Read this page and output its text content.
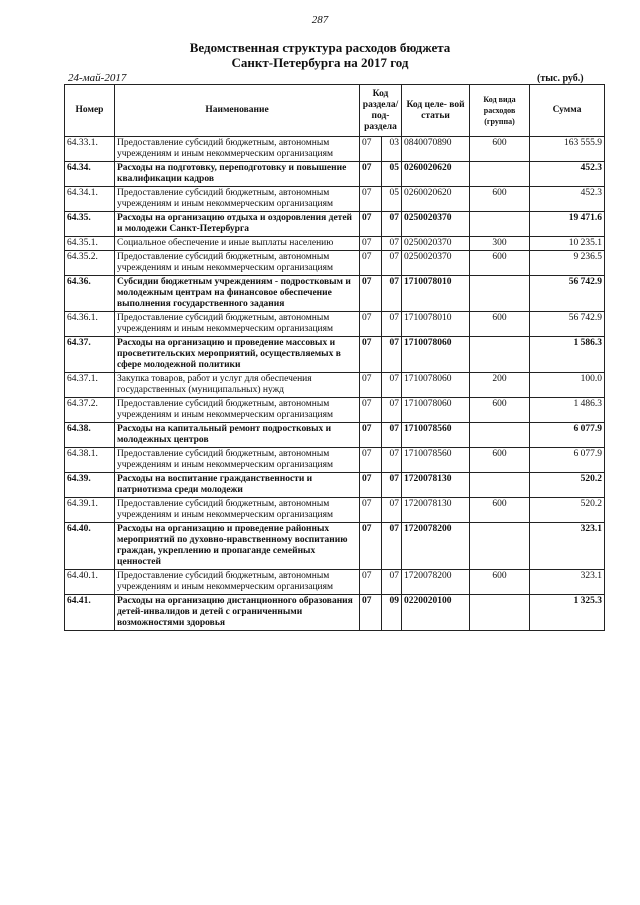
287
Ведомственная структура расходов бюджета
Санкт-Петербурга на 2017 год
24-май-2017	(тыс. руб.)
Номер	Наименование	Код раздела/ под- раздела		Код целе- вой статьи	Код вида расходов (группа)	Сумма
64.33.1.	Предоставление субсидий бюджетным, автономным учреждениям и иным некоммерческим организациям	07	03	0840070890	600	163 555.9
64.34.	Расходы на подготовку, переподготовку и повышение квалификации кадров	07	05	0260020620		452.3
64.34.1.	Предоставление субсидий бюджетным, автономным учреждениям и иным некоммерческим организациям	07	05	0260020620	600	452.3
64.35.	Расходы на организацию отдыха и оздоровления детей и молодежи Санкт-Петербурга	07	07	0250020370		19 471.6
64.35.1.	Социальное обеспечение и иные выплаты населению	07	07	0250020370	300	10 235.1
64.35.2.	Предоставление субсидий бюджетным, автономным учреждениям и иным некоммерческим организациям	07	07	0250020370	600	9 236.5
64.36.	Субсидии бюджетным учреждениям - подростковым и молодежным центрам на финансовое обеспечение выполнения государственного задания	07	07	1710078010		56 742.9
64.36.1.	Предоставление субсидий бюджетным, автономным учреждениям и иным некоммерческим организациям	07	07	1710078010	600	56 742.9
64.37.	Расходы на организацию и проведение массовых и просветительских мероприятий, осуществляемых в сфере молодежной политики	07	07	1710078060		1 586.3
64.37.1.	Закупка товаров, работ и услуг для обеспечения государственных (муниципальных) нужд	07	07	1710078060	200	100.0
64.37.2.	Предоставление субсидий бюджетным, автономным учреждениям и иным некоммерческим организациям	07	07	1710078060	600	1 486.3
64.38.	Расходы на капитальный ремонт подростковых и молодежных центров	07	07	1710078560		6 077.9
64.38.1.	Предоставление субсидий бюджетным, автономным учреждениям и иным некоммерческим организациям	07	07	1710078560	600	6 077.9
64.39.	Расходы на воспитание гражданственности и патриотизма среди молодежи	07	07	1720078130		520.2
64.39.1.	Предоставление субсидий бюджетным, автономным учреждениям и иным некоммерческим организациям	07	07	1720078130	600	520.2
64.40.	Расходы на организацию и проведение районных мероприятий по духовно-нравственному воспитанию граждан, укреплению и пропаганде семейных ценностей	07	07	1720078200		323.1
64.40.1.	Предоставление субсидий бюджетным, автономным учреждениям и иным некоммерческим организациям	07	07	1720078200	600	323.1
64.41.	Расходы на организацию дистанционного образования детей-инвалидов и детей с ограниченными возможностями здоровья	07	09	0220020100		1 325.3
